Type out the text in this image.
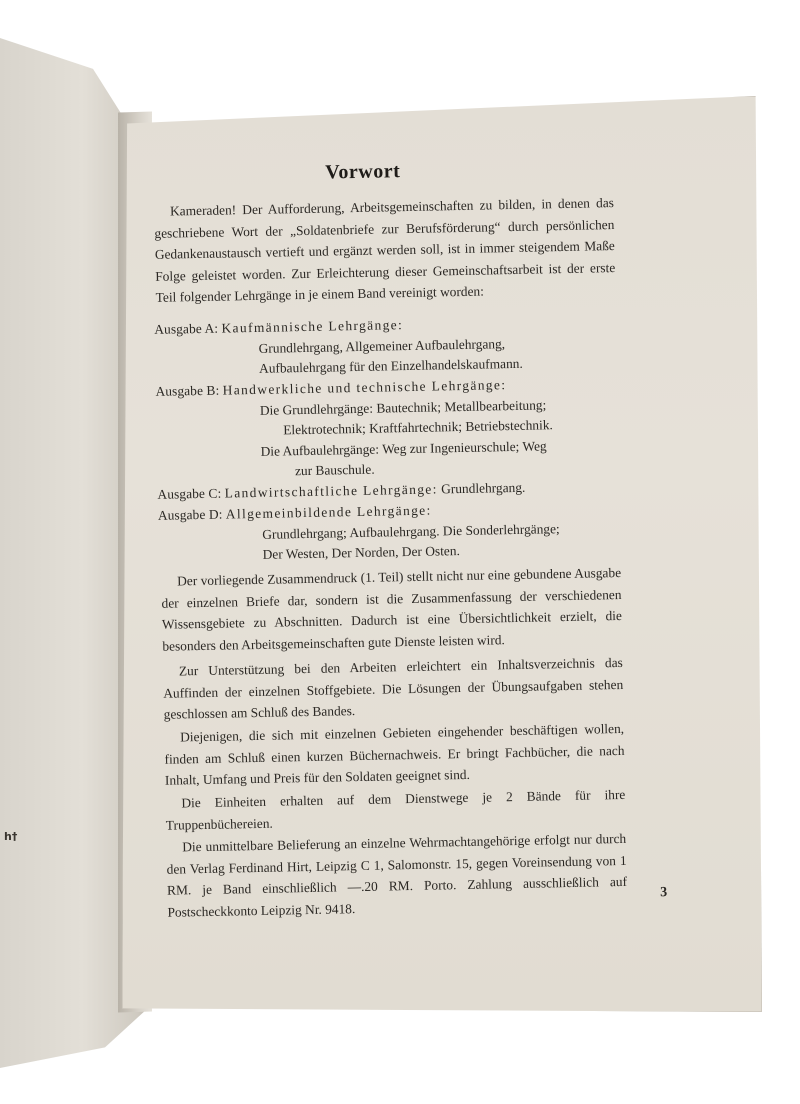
h†
Vorwort

Kameraden! Der Aufforderung, Arbeitsgemeinschaften zu bilden, in denen das geschriebene Wort der „Soldatenbriefe zur Berufsförderung“ durch persönlichen Gedankenaustausch vertieft und ergänzt werden soll, ist in immer steigendem Maße Folge geleistet worden. Zur Erleichterung dieser Gemeinschaftsarbeit ist der erste Teil folgender Lehrgänge in je einem Band vereinigt worden:

Ausgabe A: Kaufmännische Lehrgänge:
Grundlehrgang, Allgemeiner Aufbaulehrgang,
Aufbaulehrgang für den Einzelhandelskaufmann.
Ausgabe B: Handwerkliche und technische Lehrgänge:
Die Grundlehrgänge: Bautechnik; Metallbearbeitung;
Elektrotechnik; Kraftfahrtechnik; Betriebstechnik.
Die Aufbaulehrgänge: Weg zur Ingenieurschule; Weg
zur Bauschule.
Ausgabe C: Landwirtschaftliche Lehrgänge: Grundlehrgang.
Ausgabe D: Allgemeinbildende Lehrgänge:
Grundlehrgang; Aufbaulehrgang. Die Sonderlehrgänge;
Der Westen, Der Norden, Der Osten.

Der vorliegende Zusammendruck (1. Teil) stellt nicht nur eine gebundene Ausgabe der einzelnen Briefe dar, sondern ist die Zusammenfassung der verschiedenen Wissensgebiete zu Abschnitten. Dadurch ist eine Übersichtlichkeit erzielt, die besonders den Arbeitsgemeinschaften gute Dienste leisten wird.

Zur Unterstützung bei den Arbeiten erleichtert ein Inhaltsverzeichnis das Auffinden der einzelnen Stoffgebiete. Die Lösungen der Übungsaufgaben stehen geschlossen am Schluß des Bandes.

Diejenigen, die sich mit einzelnen Gebieten eingehender beschäftigen wollen, finden am Schluß einen kurzen Büchernachweis. Er bringt Fachbücher, die nach Inhalt, Umfang und Preis für den Soldaten geeignet sind.

Die Einheiten erhalten auf dem Dienstwege je 2 Bände für ihre Truppenbüchereien.

Die unmittelbare Belieferung an einzelne Wehrmachtangehörige erfolgt nur durch den Verlag Ferdinand Hirt, Leipzig C 1, Salomonstr. 15, gegen Voreinsendung von 1 RM. je Band einschließlich —.20 RM. Porto. Zahlung ausschließlich auf Postscheckkonto Leipzig Nr. 9418.

3
